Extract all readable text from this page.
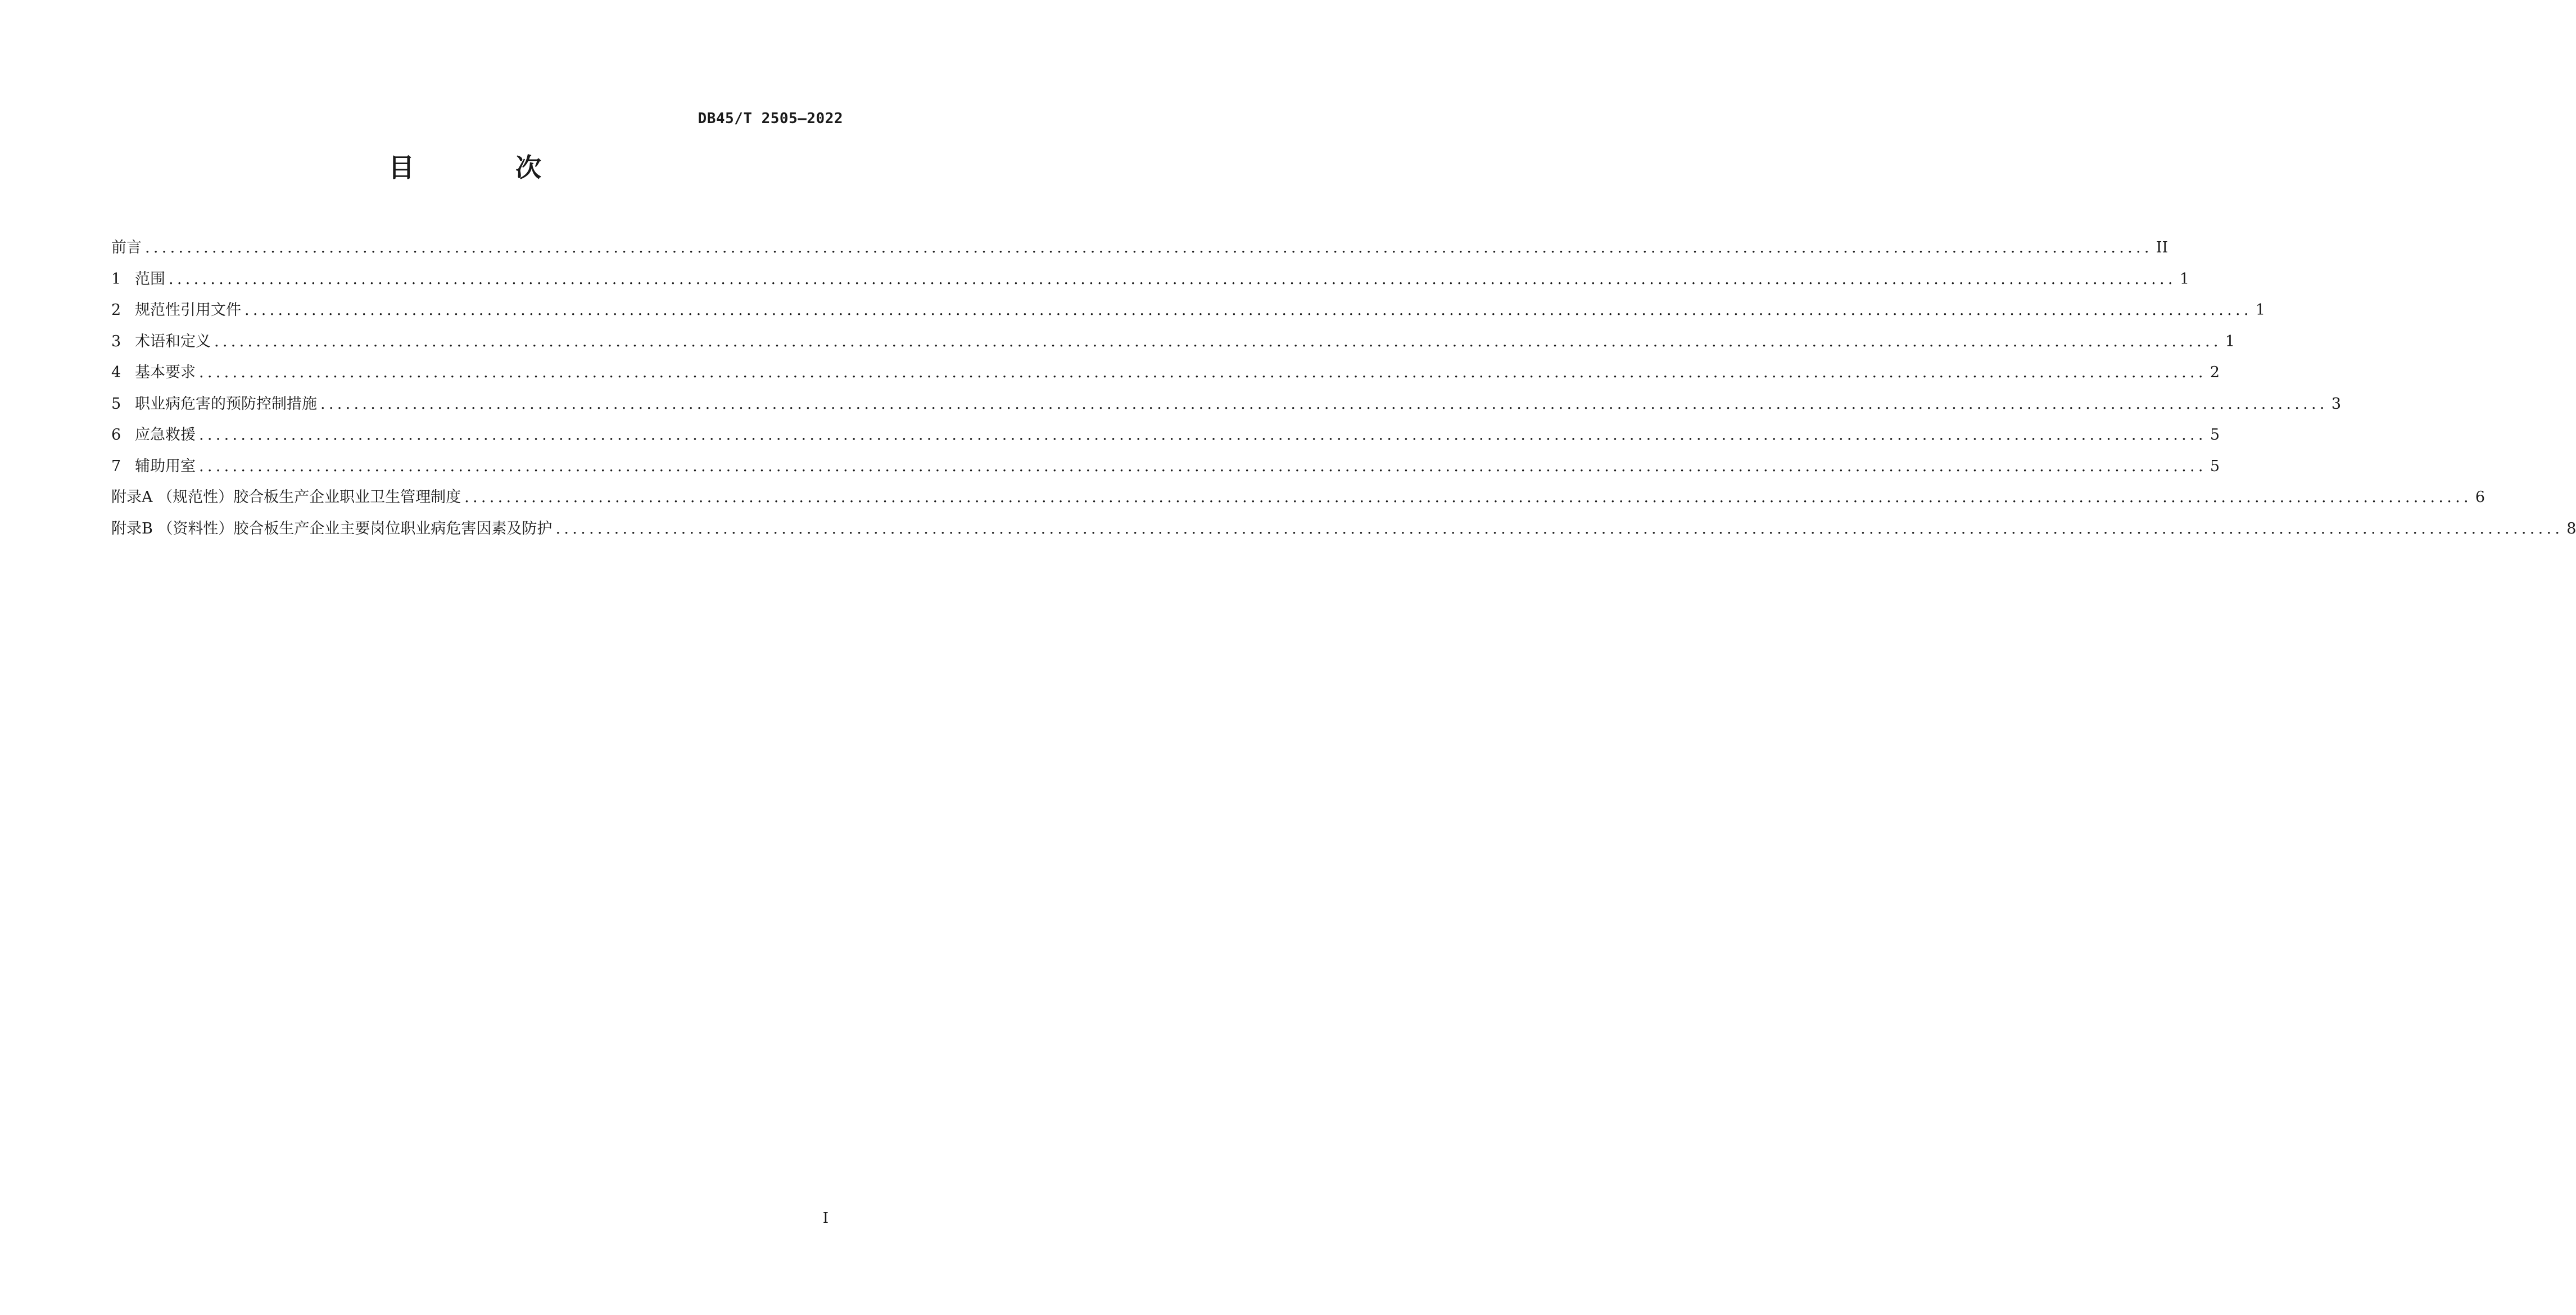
DB45/T 2505—2022
目 次
前言 ................................................................................................................................................................................................................................................ II
1 范围 ................................................................................................................................................................................................................................................ 1
2 规范性引用文件 ................................................................................................................................................................................................................................................ 1
3 术语和定义 ................................................................................................................................................................................................................................................ 1
4 基本要求 ................................................................................................................................................................................................................................................ 2
5 职业病危害的预防控制措施 ................................................................................................................................................................................................................................................ 3
6 应急救援 ................................................................................................................................................................................................................................................ 5
7 辅助用室 ................................................................................................................................................................................................................................................ 5
附录A （规范性）胶合板生产企业职业卫生管理制度 ................................................................................................................................................................................................................................................ 6
附录B （资料性）胶合板生产企业主要岗位职业病危害因素及防护 ................................................................................................................................................................................................................................................ 8
I
